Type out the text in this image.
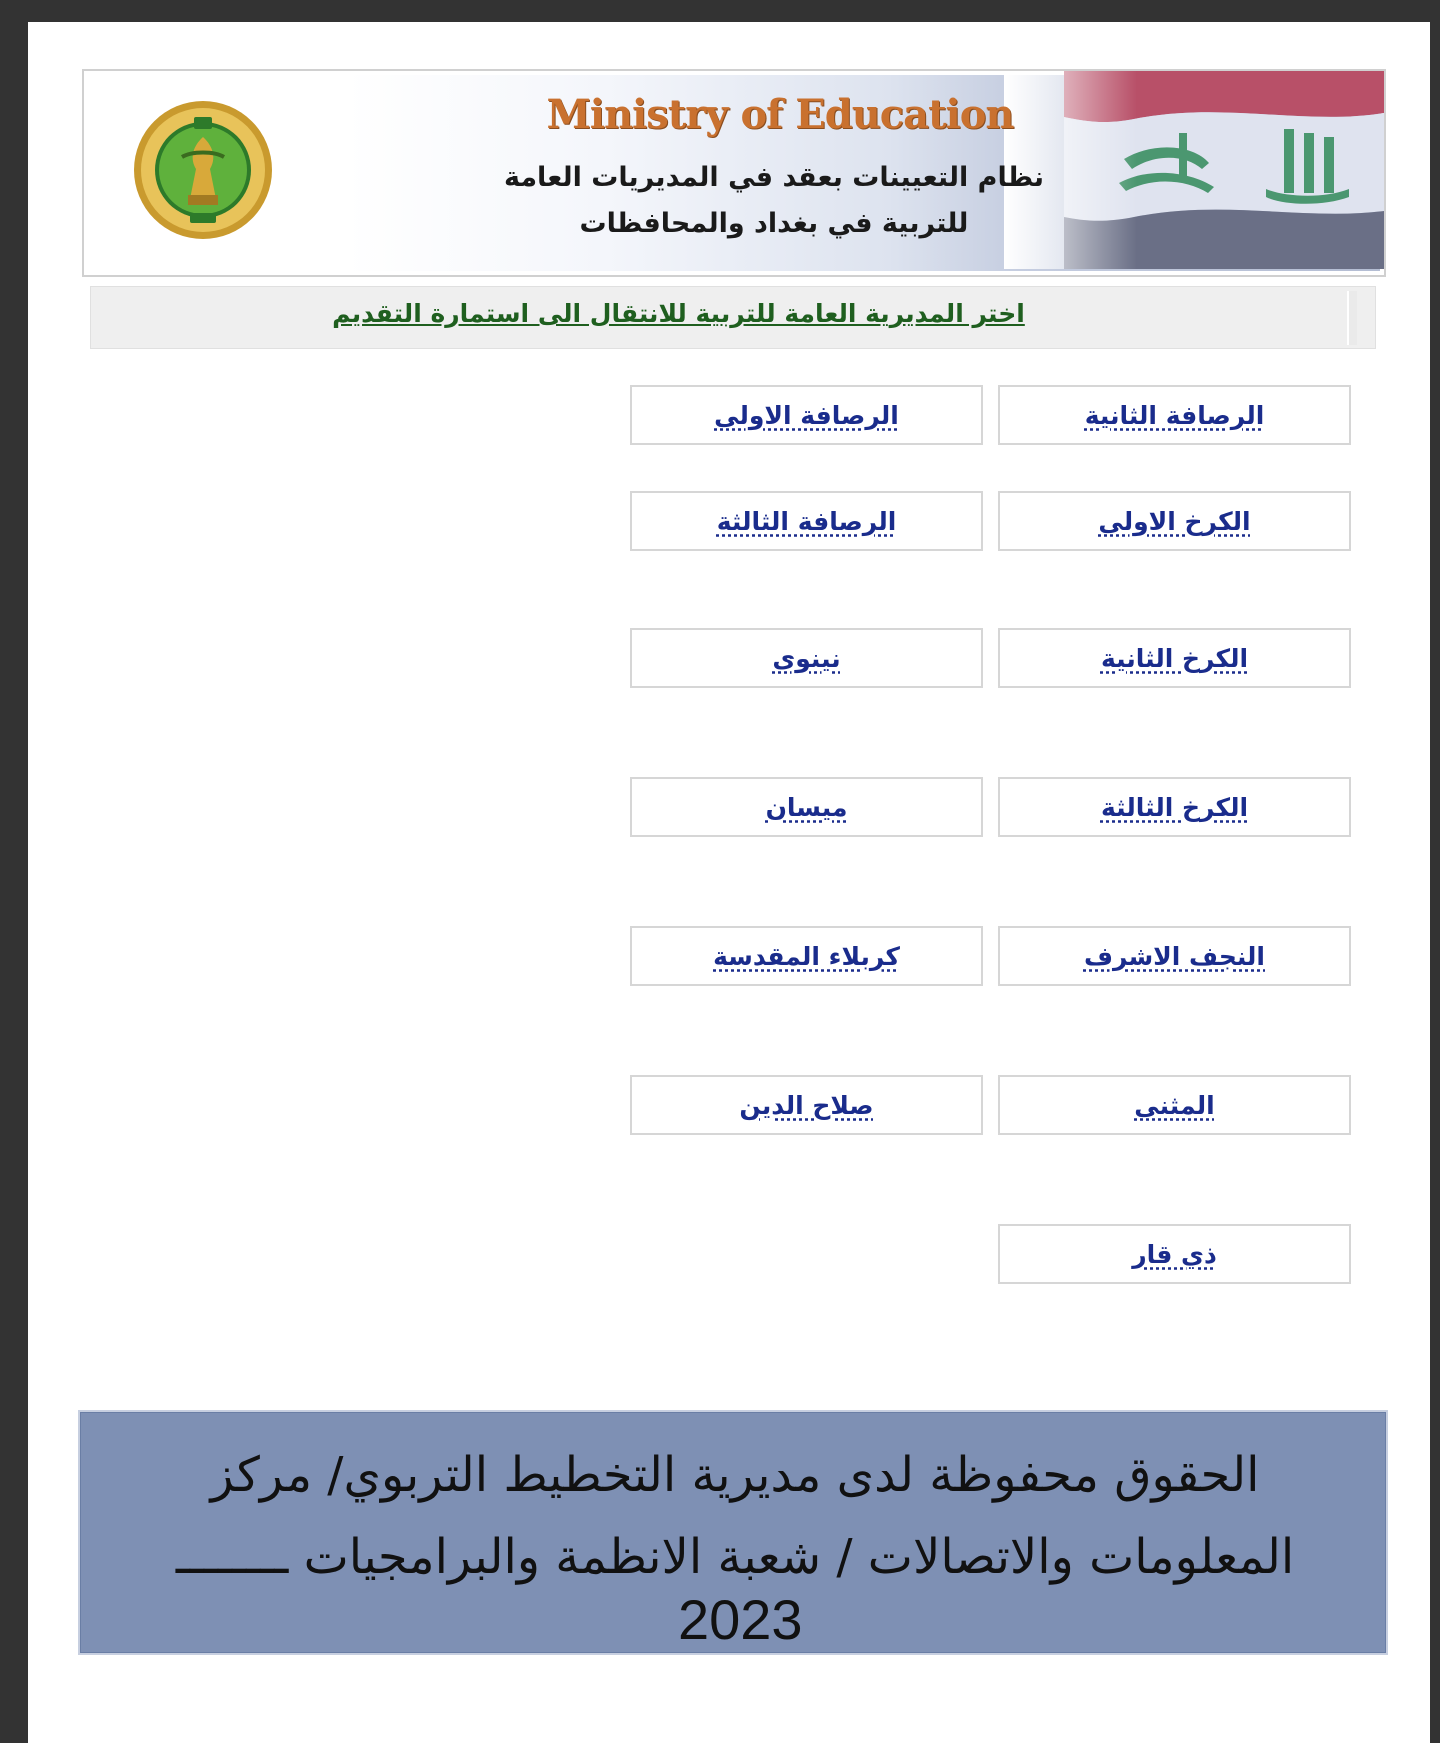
Ministry of Education
نظام التعيينات بعقد في المديريات العامة
للتربية في بغداد والمحافظات
اختر المديرية العامة للتربية للانتقال الى استمارة التقديم
الرصافة الثانية
الرصافة الاولى
الكرخ الاولى
الرصافة الثالثة
الكرخ الثانية
نينوى
الكرخ الثالثة
ميسان
النجف الاشرف
كربلاء المقدسة
المثنى
صلاح الدين
ذي قار
الحقوق محفوظة لدى مديرية التخطيط التربوي/ مركز
المعلومات والاتصالات / شعبة الانظمة والبرامجيات ــــــــ
2023
